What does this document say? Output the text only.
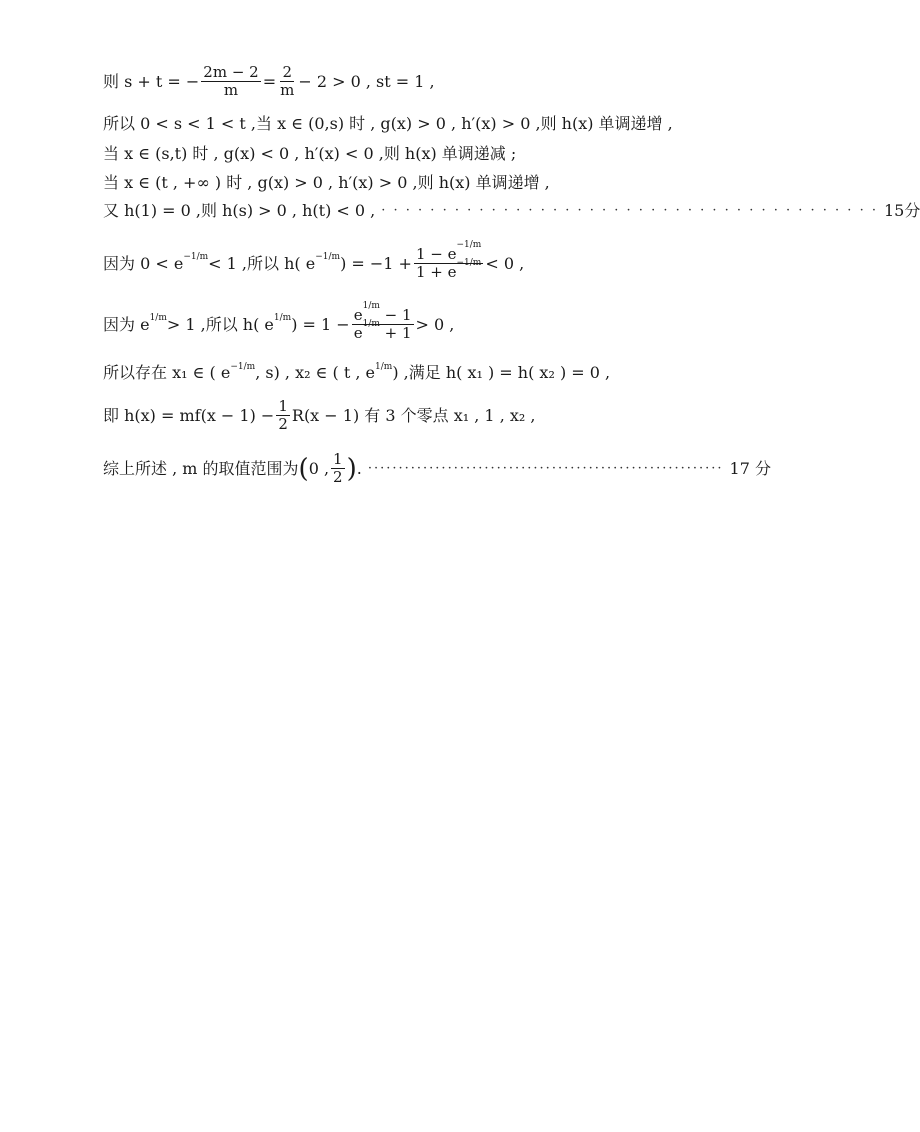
则 s + t = − $\frac{2m - 2}{m} = \frac{2}{m} - 2 > 0$ , st = 1 ,
所以 0 < s < 1 < t ,当 x ∈ (0,s) 时 , g(x) > 0 , h′(x) > 0 ,则 h(x) 单调递增 ,
当 x ∈ (s,t) 时 , g(x) < 0 , h′(x) < 0 ,则 h(x) 单调递减 ;
当 x ∈ (t , +∞ ) 时 , g(x) > 0 , h′(x) > 0 ,则 h(x) 单调递增 ,
又 h(1) = 0 ,则 h(s) > 0 , h(t) < 0 , · · · · · · · · · · · · · · · · · · · · · · · · · · · · · · · · · · · · · · · · · 15分
因为 $0 < e^{-1/m} < 1$ ,所以 h( $e^{-1/m}$ ) = $-1 + \frac{1 - e^{-1/m}}{1 + e^{-1/m}} < 0$ ,
因为 $e^{1/m} > 1$ ,所以 h( $e^{1/m}$ ) = $1 - \frac{e^{1/m} - 1}{e^{1/m} + 1} > 0$ ,
所以存在 x₁ ∈ ( $e^{-1/m}$ , s) , x₂ ∈ ( t , $e^{1/m}$ ) ,满足 h( x₁ ) = h( x₂ ) = 0 ,
即 $h(x) = mf(x - 1) - \frac{1}{2} R(x - 1)$ 有 3 个零点 x₁ , 1 , x₂ ,
综上所述 , m 的取值范围为 ( 0 , $\frac{1}{2}$ ) . ·························································· 17 分
